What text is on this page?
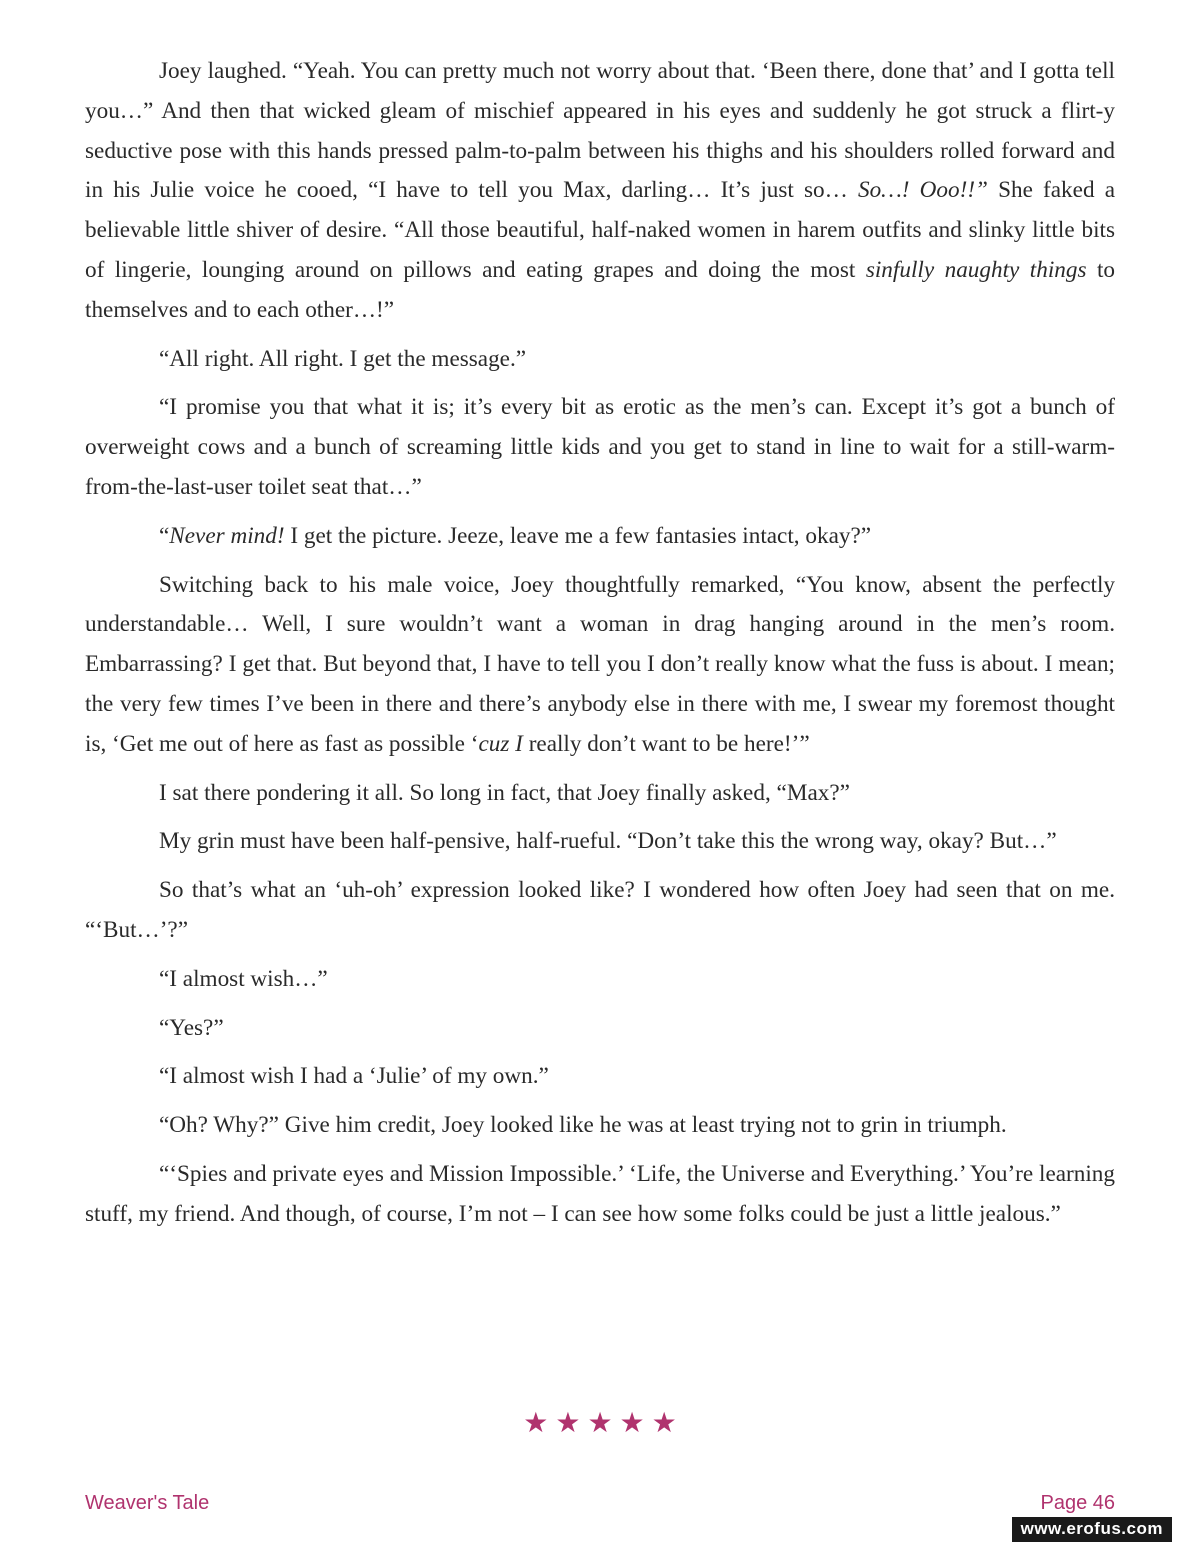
Joey laughed. “Yeah. You can pretty much not worry about that. ‘Been there, done that’ and I gotta tell you…” And then that wicked gleam of mischief appeared in his eyes and suddenly he got struck a flirt-y seductive pose with this hands pressed palm-to-palm between his thighs and his shoulders rolled forward and in his Julie voice he cooed, “I have to tell you Max, darling… It’s just so… So…! Ooo!!” She faked a believable little shiver of desire. “All those beautiful, half-naked women in harem outfits and slinky little bits of lingerie, lounging around on pillows and eating grapes and doing the most sinfully naughty things to themselves and to each other…!”

“All right. All right. I get the message.”

“I promise you that what it is; it’s every bit as erotic as the men’s can. Except it’s got a bunch of overweight cows and a bunch of screaming little kids and you get to stand in line to wait for a still-warm-from-the-last-user toilet seat that…”

“Never mind! I get the picture. Jeeze, leave me a few fantasies intact, okay?”

Switching back to his male voice, Joey thoughtfully remarked, “You know, absent the perfectly understandable… Well, I sure wouldn’t want a woman in drag hanging around in the men’s room. Embarrassing? I get that. But beyond that, I have to tell you I don’t really know what the fuss is about. I mean; the very few times I’ve been in there and there’s anybody else in there with me, I swear my foremost thought is, ‘Get me out of here as fast as possible ‘cuz I really don’t want to be here!’”

I sat there pondering it all. So long in fact, that Joey finally asked, “Max?”

My grin must have been half-pensive, half-rueful. “Don’t take this the wrong way, okay? But…”

So that’s what an ‘uh-oh’ expression looked like? I wondered how often Joey had seen that on me. “‘But…’?”

“I almost wish…”

“Yes?”

“I almost wish I had a ‘Julie’ of my own.”

“Oh? Why?” Give him credit, Joey looked like he was at least trying not to grin in triumph.

“‘Spies and private eyes and Mission Impossible.’ ‘Life, the Universe and Everything.’ You’re learning stuff, my friend. And though, of course, I’m not – I can see how some folks could be just a little jealous.”

★★★★★
Weaver's Tale	Page 46
www.erofus.com
